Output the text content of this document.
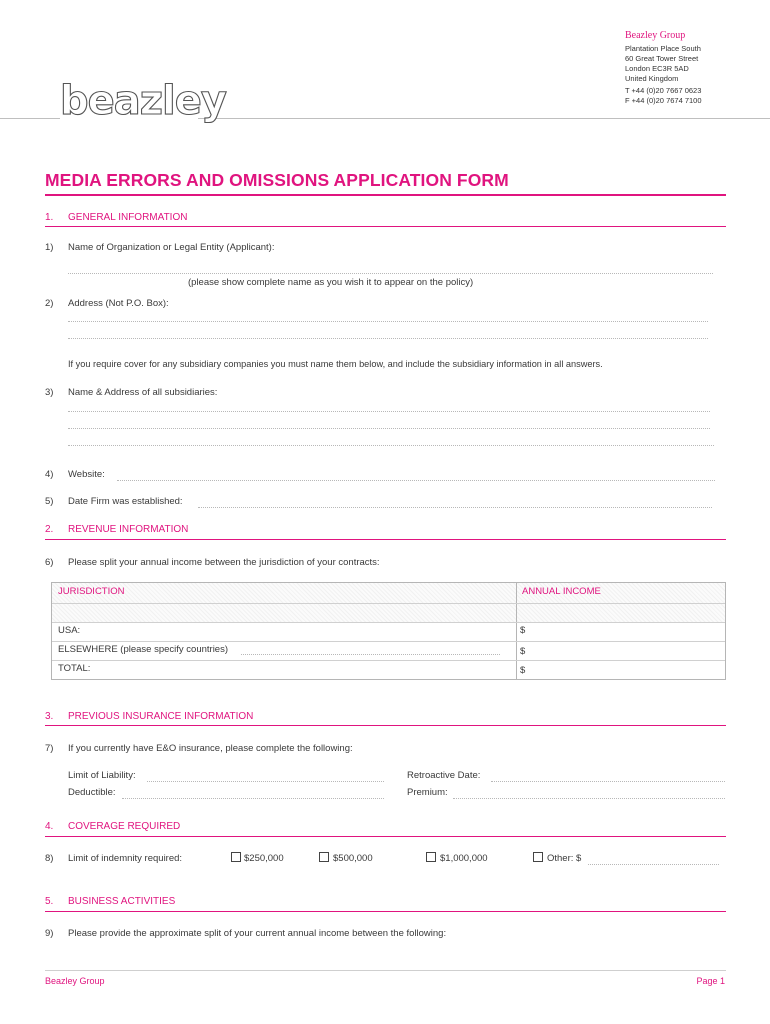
Beazley Group
Plantation Place South
60 Great Tower Street
London EC3R 5AD
United Kingdom
T +44 (0)20 7667 0623
F +44 (0)20 7674 7100
beazley
MEDIA ERRORS AND OMISSIONS APPLICATION FORM
1. GENERAL INFORMATION
1) Name of Organization or Legal Entity (Applicant):
(please show complete name as you wish it to appear on the policy)
2) Address (Not P.O. Box):
If you require cover for any subsidiary companies you must name them below, and include the subsidiary information in all answers.
3) Name & Address of all subsidiaries:
4) Website:
5) Date Firm was established:
2. REVENUE INFORMATION
6) Please split your annual income between the jurisdiction of your contracts:
JURISDICTION	ANNUAL INCOME
USA:	$
ELSEWHERE (please specify countries)	$
TOTAL:	$
3. PREVIOUS INSURANCE INFORMATION
7) If you currently have E&O insurance, please complete the following:
Limit of Liability:
Deductible:
Retroactive Date:
Premium:
4. COVERAGE REQUIRED
8) Limit of indemnity required:	$250,000	$500,000	$1,000,000	Other: $
5. BUSINESS ACTIVITIES
9) Please provide the approximate split of your current annual income between the following:
Beazley Group	Page 1
